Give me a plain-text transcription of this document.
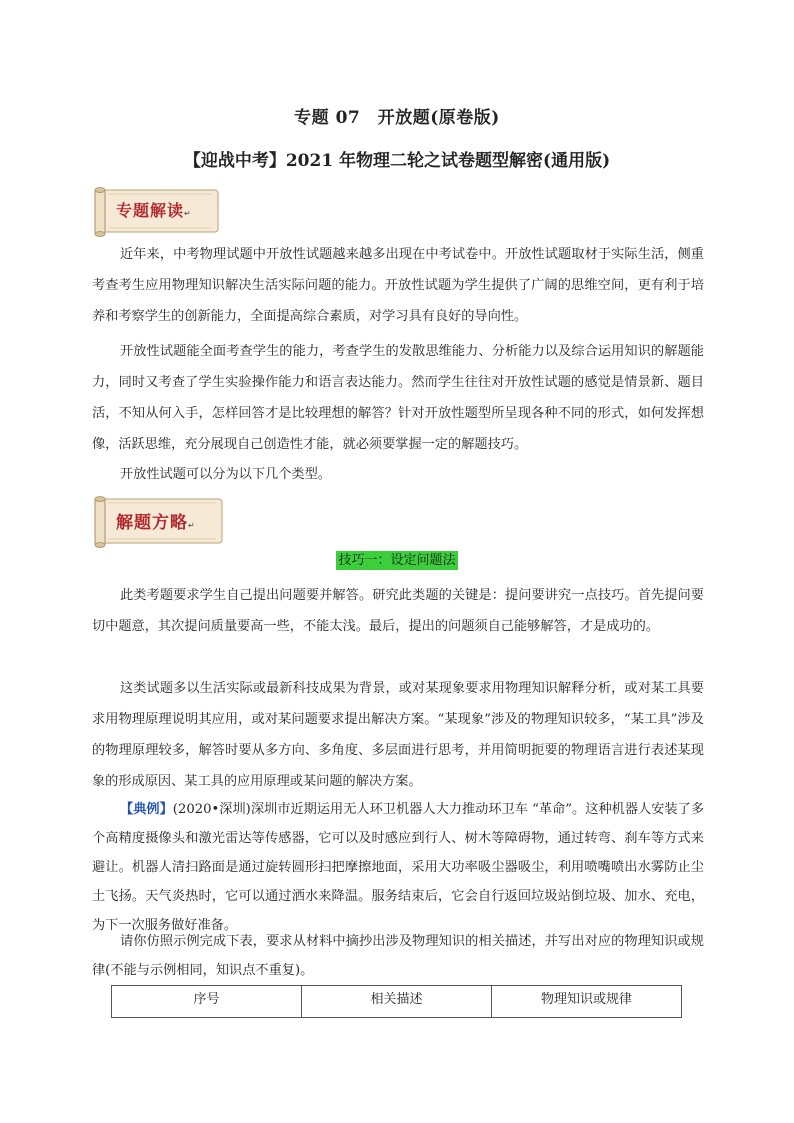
专题 07　开放题(原卷版)
【迎战中考】2021 年物理二轮之试卷题型解密(通用版)
专题解读↵

近年来，中考物理试题中开放性试题越来越多出现在中考试卷中。开放性试题取材于实际生活，侧重考查考生应用物理知识解决生活实际问题的能力。开放性试题为学生提供了广阔的思维空间，更有利于培养和考察学生的创新能力，全面提高综合素质，对学习具有良好的导向性。

开放性试题能全面考查学生的能力，考查学生的发散思维能力、分析能力以及综合运用知识的解题能力，同时又考查了学生实验操作能力和语言表达能力。然而学生往往对开放性试题的感觉是情景新、题目活，不知从何入手，怎样回答才是比较理想的解答？针对开放性题型所呈现各种不同的形式，如何发挥想像，活跃思维，充分展现自己创造性才能，就必须要掌握一定的解题技巧。

开放性试题可以分为以下几个类型。

解题方略↵
技巧一：设定问题法

此类考题要求学生自己提出问题要并解答。研究此类题的关键是：提问要讲究一点技巧。首先提问要切中题意，其次提问质量要高一些，不能太浅。最后，提出的问题须自己能够解答，才是成功的。

这类试题多以生活实际或最新科技成果为背景，或对某现象要求用物理知识解释分析，或对某工具要求用物理原理说明其应用，或对某问题要求提出解决方案。“某现象”涉及的物理知识较多，“某工具”涉及的物理原理较多，解答时要从多方向、多角度、多层面进行思考，并用简明扼要的物理语言进行表述某现象的形成原因、某工具的应用原理或某问题的解决方案。

【典例】(2020•深圳)深圳市近期运用无人环卫机器人大力推动环卫车 “革命”。这种机器人安装了多个高精度摄像头和激光雷达等传感器，它可以及时感应到行人、树木等障碍物，通过转弯、刹车等方式来避让。机器人清扫路面是通过旋转圆形扫把摩擦地面，采用大功率吸尘器吸尘，利用喷嘴喷出水雾防止尘土飞扬。天气炎热时，它可以通过洒水来降温。服务结束后，它会自行返回垃圾站倒垃圾、加水、充电，为下一次服务做好准备。

请你仿照示例完成下表，要求从材料中摘抄出涉及物理知识的相关描述，并写出对应的物理知识或规律(不能与示例相同，知识点不重复)。

序号	相关描述	物理知识或规律
